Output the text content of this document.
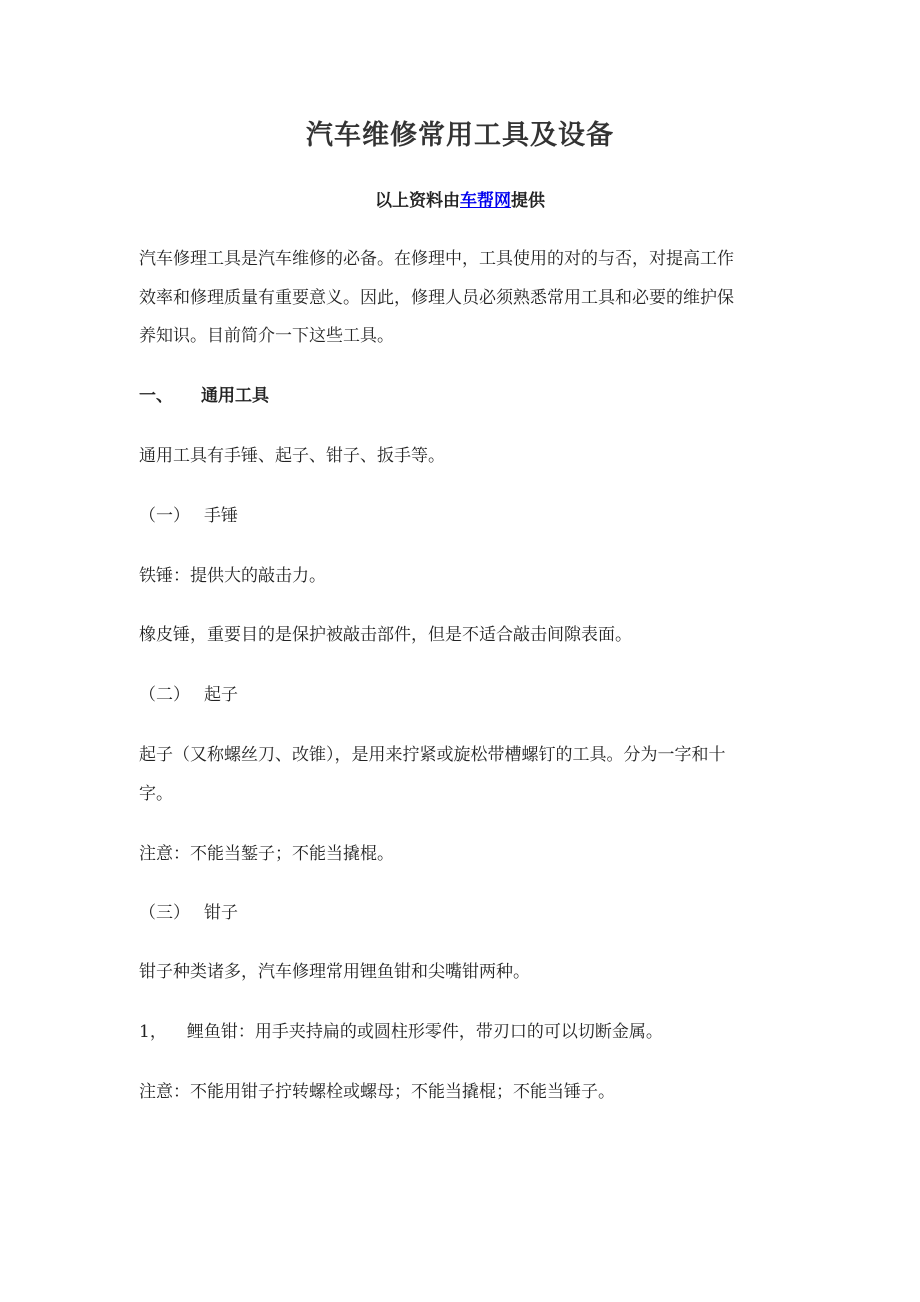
汽车维修常用工具及设备
以上资料由车帮网提供
汽车修理工具是汽车维修的必备。在修理中，工具使用的对的与否，对提高工作
效率和修理质量有重要意义。因此，修理人员必须熟悉常用工具和必要的维护保
养知识。目前简介一下这些工具。
一、 通用工具
通用工具有手锤、起子、钳子、扳手等。
（一） 手锤
铁锤：提供大的敲击力。
橡皮锤，重要目的是保护被敲击部件，但是不适合敲击间隙表面。
（二） 起子
起子（又称螺丝刀、改锥），是用来拧紧或旋松带槽螺钉的工具。分为一字和十
字。
注意：不能当錾子；不能当撬棍。
（三） 钳子
钳子种类诸多，汽车修理常用锂鱼钳和尖嘴钳两种。
1， 鲤鱼钳：用手夹持扁的或圆柱形零件，带刃口的可以切断金属。
注意：不能用钳子拧转螺栓或螺母；不能当撬棍；不能当锤子。
